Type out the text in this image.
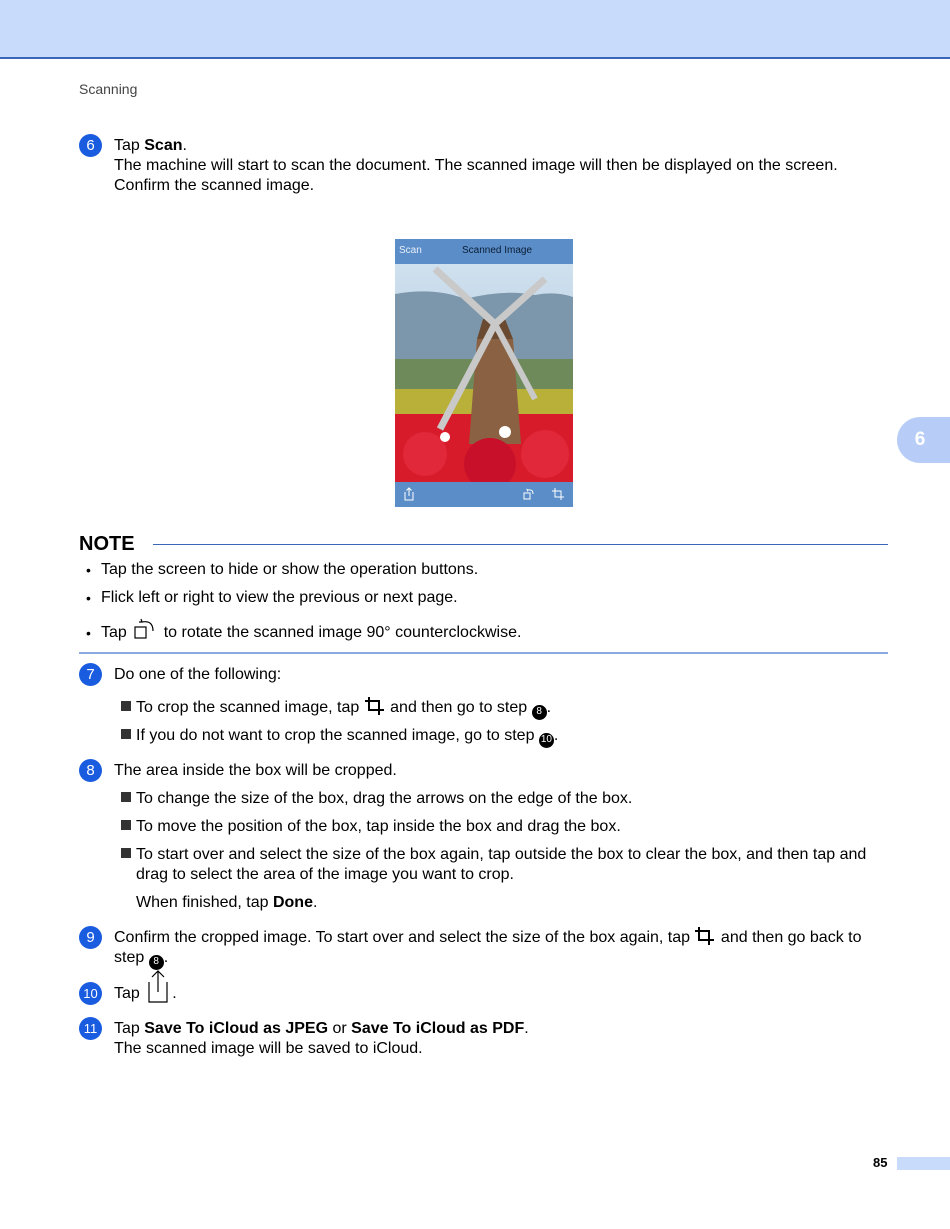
Scanning
6
6	Tap Scan.
The machine will start to scan the document. The scanned image will then be displayed on the screen. Confirm the scanned image.
Scan	Scanned Image
NOTE
• Tap the screen to hide or show the operation buttons.
• Flick left or right to view the previous or next page.
• Tap  to rotate the scanned image 90° counterclockwise.
7	Do one of the following:
To crop the scanned image, tap  and then go to step 8 .
If you do not want to crop the scanned image, go to step 10 .
8	The area inside the box will be cropped.
To change the size of the box, drag the arrows on the edge of the box.
To move the position of the box, tap inside the box and drag the box.
To start over and select the size of the box again, tap outside the box to clear the box, and then tap and drag to select the area of the image you want to crop.
When finished, tap Done.
9	Confirm the cropped image. To start over and select the size of the box again, tap  and then go back to step 8 .
10 Tap .
11 Tap Save To iCloud as JPEG or Save To iCloud as PDF.
The scanned image will be saved to iCloud.
85
